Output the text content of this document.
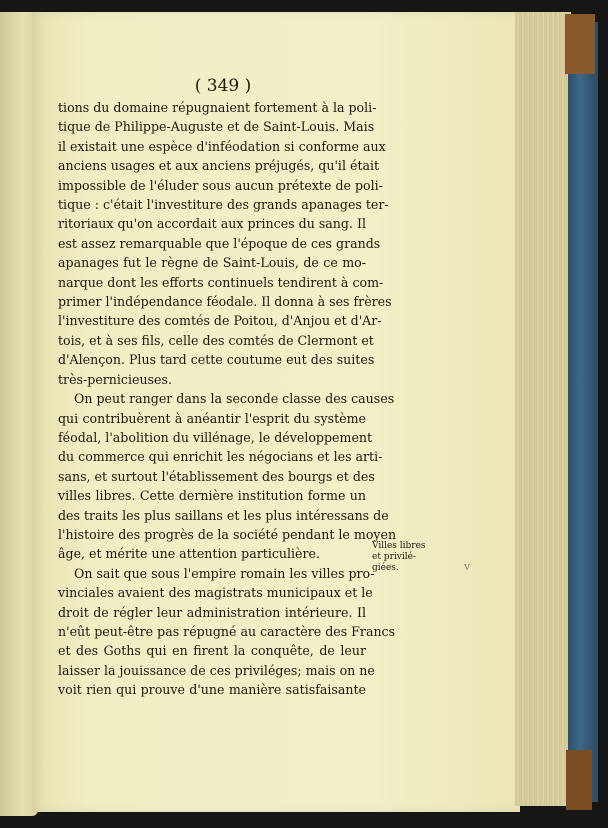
( 349 )
tions du domaine répugnaient fortement à la poli-
tique de Philippe-Auguste et de Saint-Louis. Mais
il existait une espèce d'inféodation si conforme aux
anciens usages et aux anciens préjugés, qu'il était
impossible de l'éluder sous aucun prétexte de poli-
tique : c'était l'investiture des grands apanages ter-
ritoriaux qu'on accordait aux princes du sang. Il
est assez remarquable que l'époque de ces grands
apanages fut le règne de Saint-Louis, de ce mo-
narque dont les efforts continuels tendirent à com-
primer l'indépendance féodale. Il donna à ses frères
l'investiture des comtés de Poitou, d'Anjou et d'Ar-
tois, et à ses fils, celle des comtés de Clermont et
d'Alençon. Plus tard cette coutume eut des suites
très-pernicieuses.
On peut ranger dans la seconde classe des causes
qui contribuèrent à anéantir l'esprit du système
féodal, l'abolition du villénage, le développement
du commerce qui enrichit les négocians et les arti-
sans, et surtout l'établissement des bourgs et des
villes libres. Cette dernière institution forme un
des traits les plus saillans et les plus intéressans de
l'histoire des progrès de la société pendant le moyen
âge, et mérite une attention particulière.
On sait que sous l'empire romain les villes pro-
vinciales avaient des magistrats municipaux et le
droit de régler leur administration intérieure. Il
n'eût peut-être pas répugné au caractère des Francs
et des Goths qui en firent la conquête, de leur
laisser la jouissance de ces priviléges; mais on ne
voit rien qui prouve d'une manière satisfaisante
Villes libres
et privilé-
giées.	v
